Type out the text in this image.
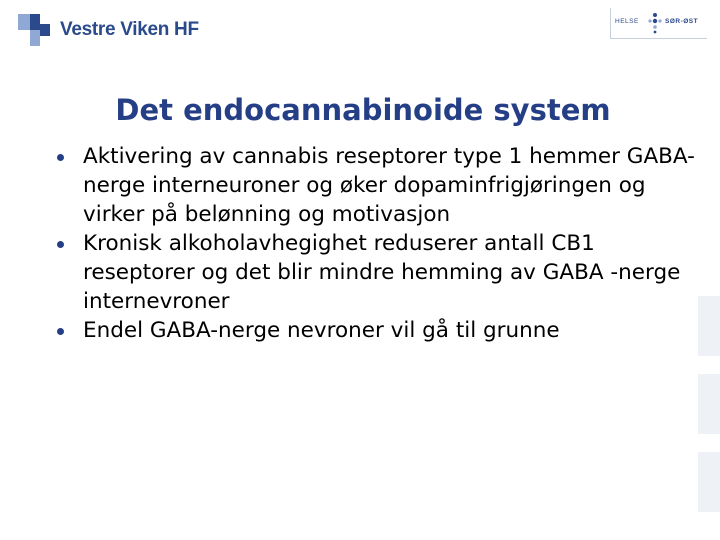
Vestre Viken HF	HELSE	SØR-ØST
Det endocannabinoide system
Aktivering av cannabis reseptorer type 1 hemmer GABA-nerge interneuroner og øker dopaminfrigjøringen og virker på belønning og motivasjon
Kronisk alkoholavhegighet reduserer antall CB1 reseptorer og det blir mindre hemming av GABA -nerge internevroner
Endel GABA-nerge nevroner vil gå til grunne
